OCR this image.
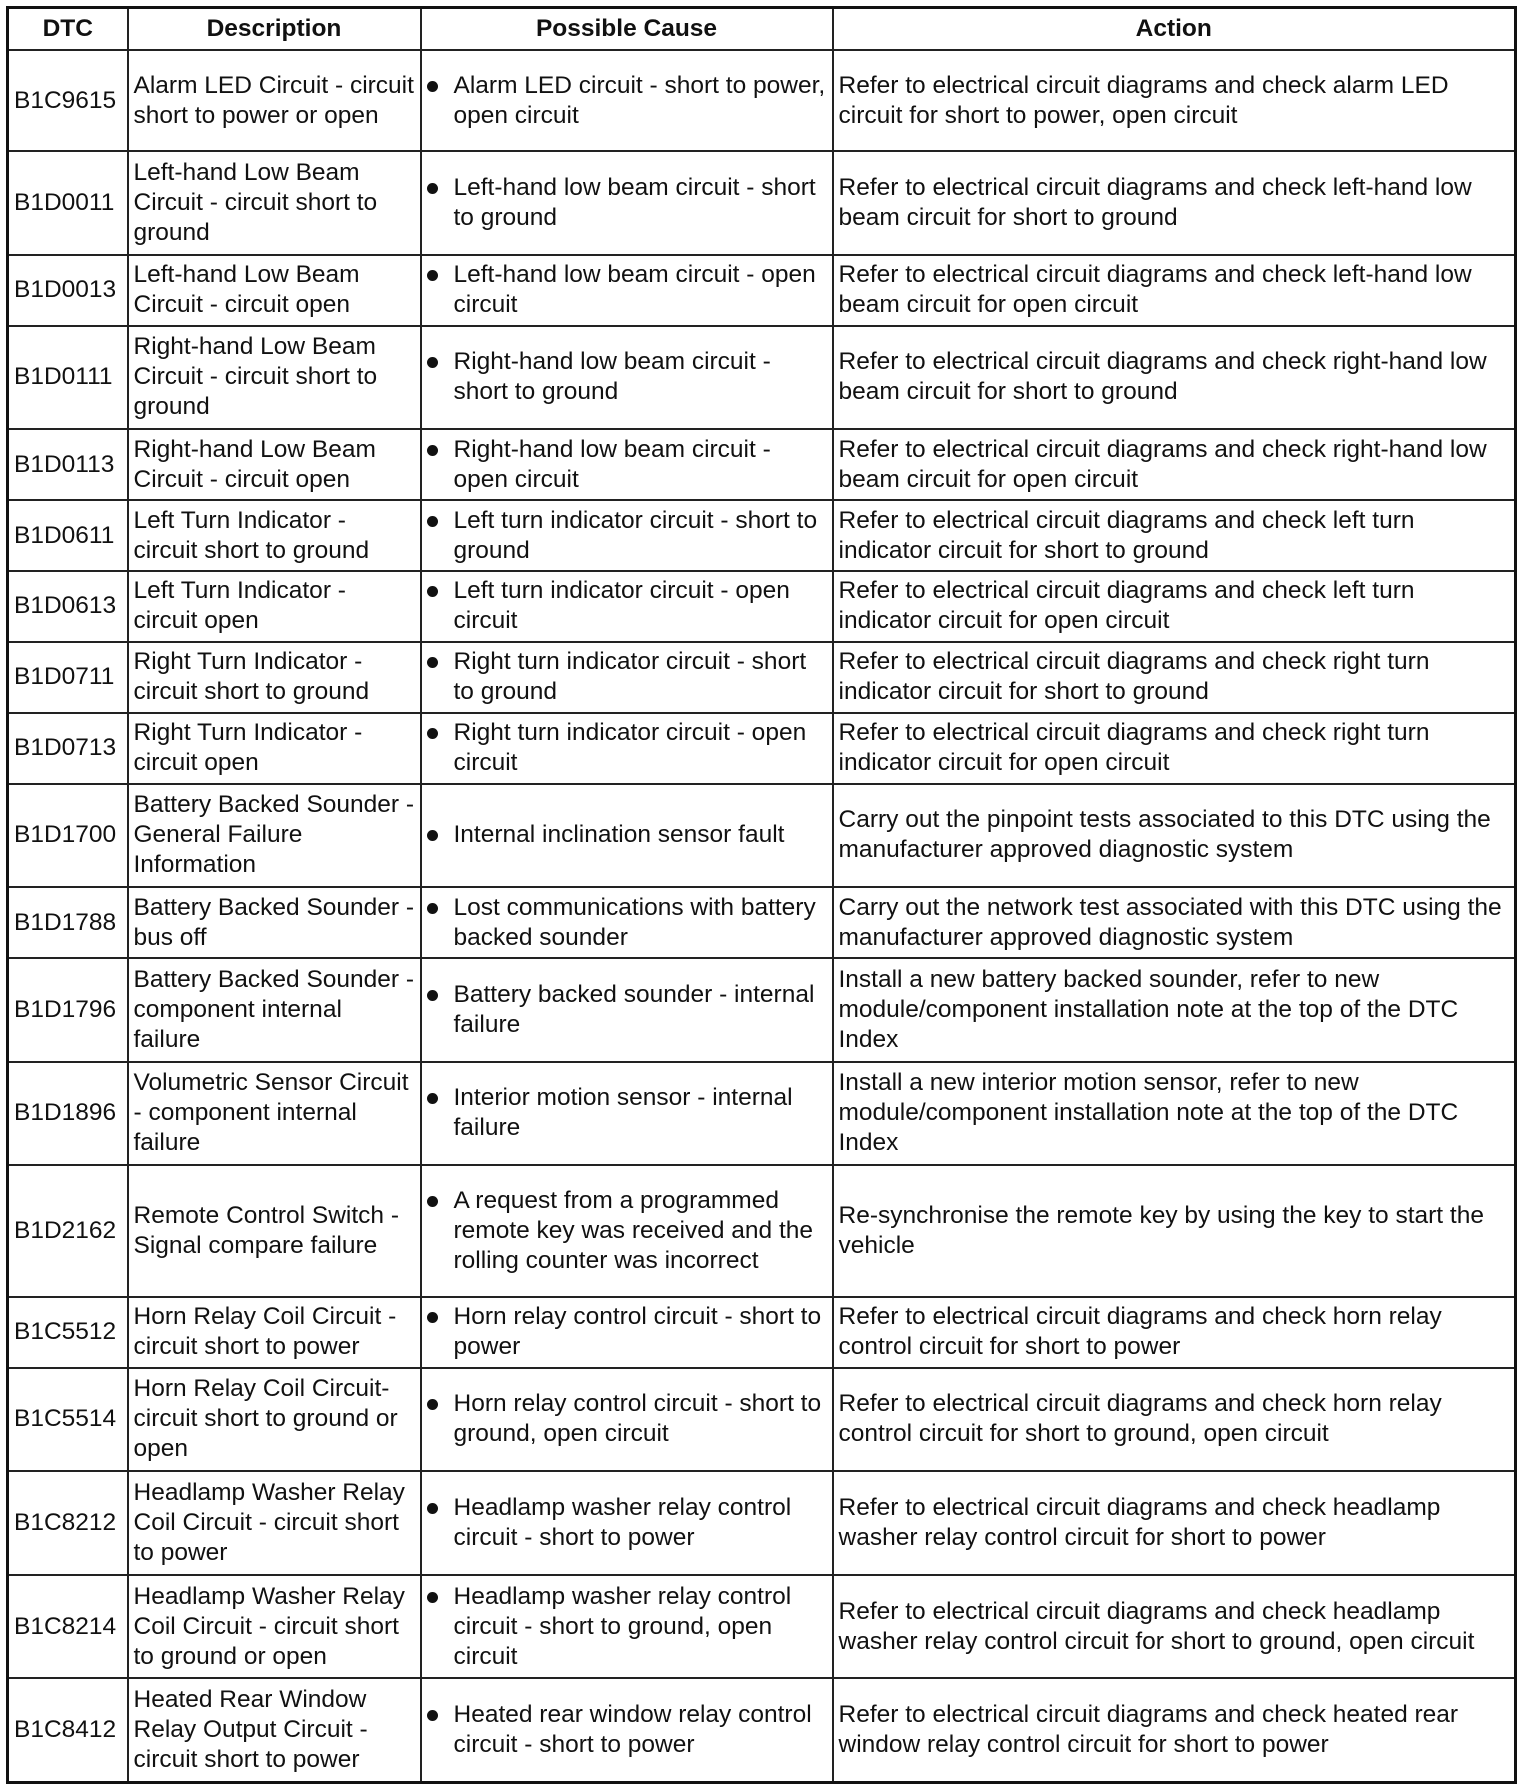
DTC	Description	Possible Cause	Action
B1C9615	Alarm LED Circuit - circuit short to power or open	Alarm LED circuit - short to power, open circuit	Refer to electrical circuit diagrams and check alarm LED circuit for short to power, open circuit
B1D0011	Left-hand Low Beam Circuit - circuit short to ground	Left-hand low beam circuit - short to ground	Refer to electrical circuit diagrams and check left-hand low beam circuit for short to ground
B1D0013	Left-hand Low Beam Circuit - circuit open	Left-hand low beam circuit - open circuit	Refer to electrical circuit diagrams and check left-hand low beam circuit for open circuit
B1D0111	Right-hand Low Beam Circuit - circuit short to ground	Right-hand low beam circuit - short to ground	Refer to electrical circuit diagrams and check right-hand low beam circuit for short to ground
B1D0113	Right-hand Low Beam Circuit - circuit open	Right-hand low beam circuit - open circuit	Refer to electrical circuit diagrams and check right-hand low beam circuit for open circuit
B1D0611	Left Turn Indicator - circuit short to ground	Left turn indicator circuit - short to ground	Refer to electrical circuit diagrams and check left turn indicator circuit for short to ground
B1D0613	Left Turn Indicator - circuit open	Left turn indicator circuit - open circuit	Refer to electrical circuit diagrams and check left turn indicator circuit for open circuit
B1D0711	Right Turn Indicator - circuit short to ground	Right turn indicator circuit - short to ground	Refer to electrical circuit diagrams and check right turn indicator circuit for short to ground
B1D0713	Right Turn Indicator - circuit open	Right turn indicator circuit - open circuit	Refer to electrical circuit diagrams and check right turn indicator circuit for open circuit
B1D1700	Battery Backed Sounder - General Failure Information	Internal inclination sensor fault	Carry out the pinpoint tests associated to this DTC using the manufacturer approved diagnostic system
B1D1788	Battery Backed Sounder - bus off	Lost communications with battery backed sounder	Carry out the network test associated with this DTC using the manufacturer approved diagnostic system
B1D1796	Battery Backed Sounder - component internal failure	Battery backed sounder - internal failure	Install a new battery backed sounder, refer to new module/component installation note at the top of the DTC Index
B1D1896	Volumetric Sensor Circuit - component internal failure	Interior motion sensor - internal failure	Install a new interior motion sensor, refer to new module/component installation note at the top of the DTC Index
B1D2162	Remote Control Switch - Signal compare failure	A request from a programmed remote key was received and the rolling counter was incorrect	Re-synchronise the remote key by using the key to start the vehicle
B1C5512	Horn Relay Coil Circuit - circuit short to power	Horn relay control circuit - short to power	Refer to electrical circuit diagrams and check horn relay control circuit for short to power
B1C5514	Horn Relay Coil Circuit- circuit short to ground or open	Horn relay control circuit - short to ground, open circuit	Refer to electrical circuit diagrams and check horn relay control circuit for short to ground, open circuit
B1C8212	Headlamp Washer Relay Coil Circuit - circuit short to power	Headlamp washer relay control circuit - short to power	Refer to electrical circuit diagrams and check headlamp washer relay control circuit for short to power
B1C8214	Headlamp Washer Relay Coil Circuit - circuit short to ground or open	Headlamp washer relay control circuit - short to ground, open circuit	Refer to electrical circuit diagrams and check headlamp washer relay control circuit for short to ground, open circuit
B1C8412	Heated Rear Window Relay Output Circuit - circuit short to power	Heated rear window relay control circuit - short to power	Refer to electrical circuit diagrams and check heated rear window relay control circuit for short to power
